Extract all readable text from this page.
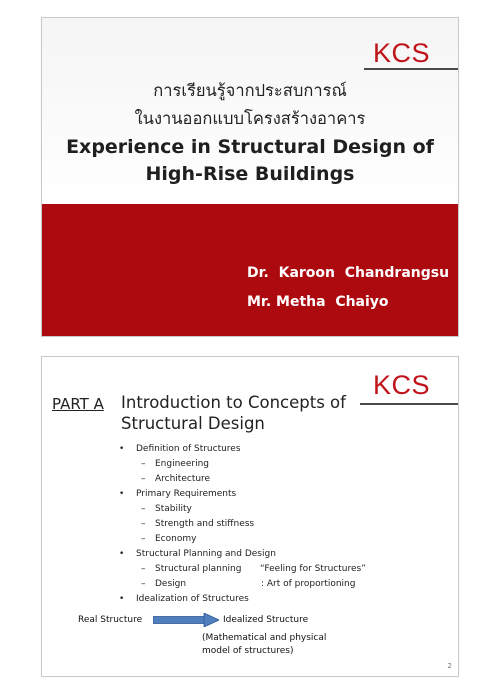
KCS
การเรียนรู้จากประสบการณ์
ในงานออกแบบโครงสร้างอาคาร
Experience in Structural Design of
High-Rise Buildings
Dr.  Karoon  Chandrangsu
Mr. Metha  Chaiyo
KCS
PART A Introduction to Concepts of
Structural Design
• Definition of Structures
– Engineering
– Architecture
• Primary Requirements
– Stability
– Strength and stiffness
– Economy
• Structural Planning and Design
– Structural planning “Feeling for Structures”
– Design	: Art of proportioning
• Idealization of Structures
Real Structure	Idealized Structure
(Mathematical and physical
model of structures)
2
